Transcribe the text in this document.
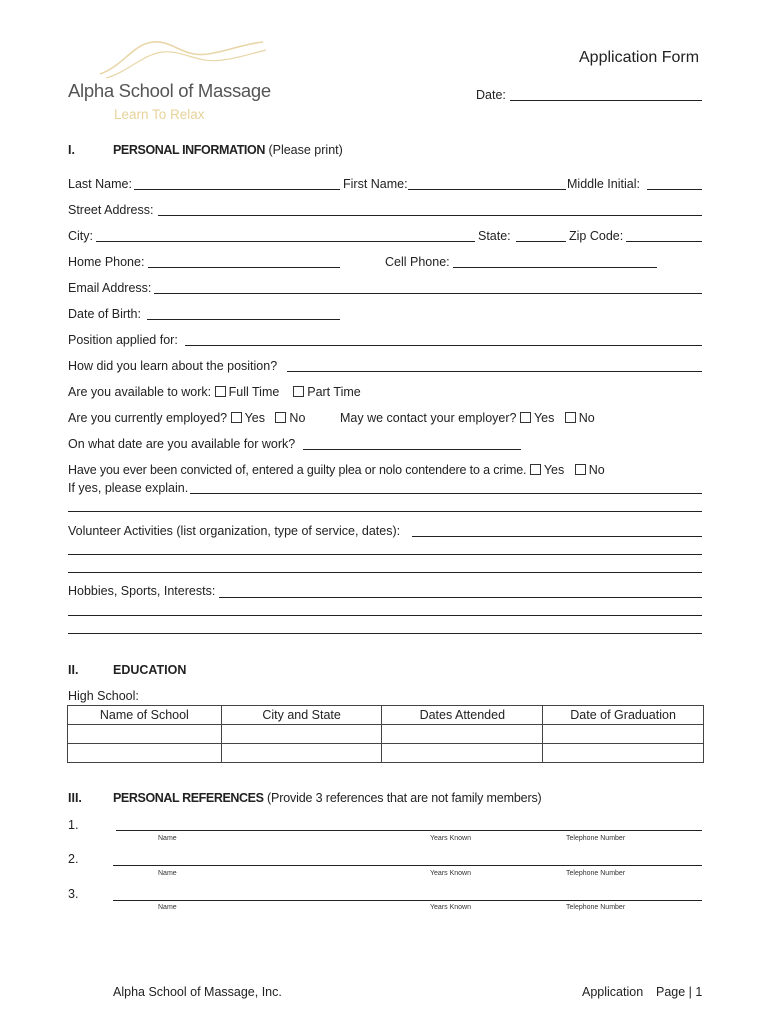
Alpha School of Massage
Learn To Relax
Application Form
Date:
I.	PERSONAL INFORMATION (Please print)
Last Name:	First Name:	Middle Initial:
Street Address:
City:	State:	Zip Code:
Home Phone:	Cell Phone:
Email Address:
Date of Birth:
Position applied for:
How did you learn about the position?
Are you available to work: Full Time Part Time
Are you currently employed? Yes No	May we contact your employer? Yes No
On what date are you available for work?
Have you ever been convicted of, entered a guilty plea or nolo contendere to a crime. Yes No
If yes, please explain.
Volunteer Activities (list organization, type of service, dates):
Hobbies, Sports, Interests:
II.	EDUCATION
High School:
Name of School	City and State	Dates Attended	Date of Graduation

III. PERSONAL REFERENCES (Provide 3 references that are not family members)
1.
Name	Years Known	Telephone Number
2.
Name	Years Known	Telephone Number
3.
Name	Years Known	Telephone Number
Alpha School of Massage, Inc.	Application Page | 1
